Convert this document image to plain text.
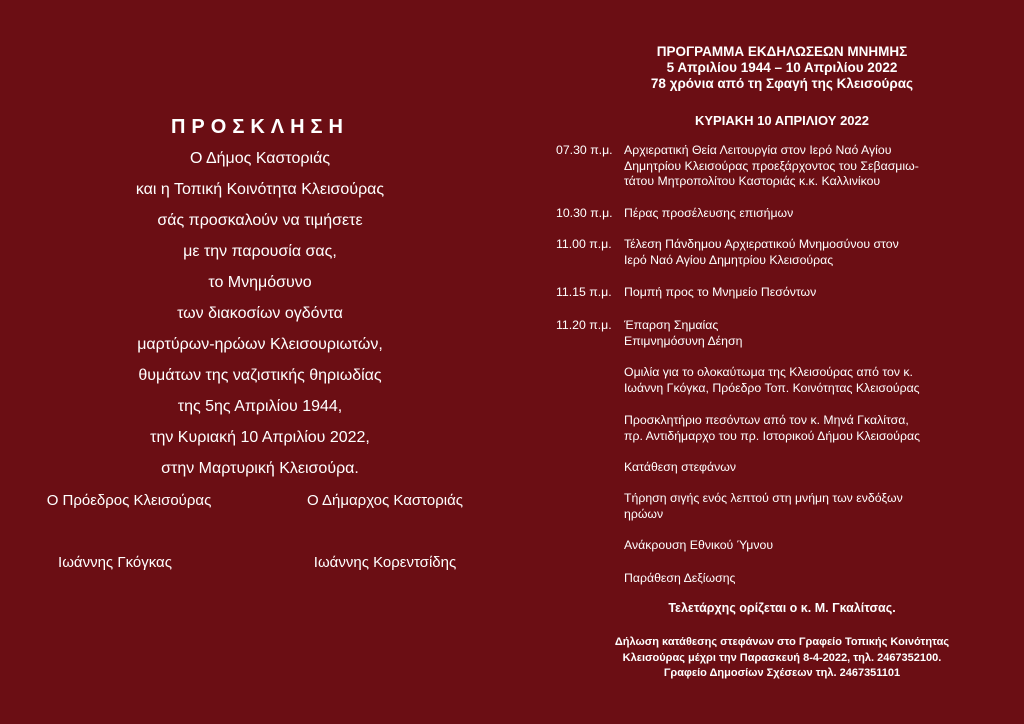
ΠΡΟΣΚΛΗΣΗ
Ο Δήμος Καστοριάς
και η Τοπική Κοινότητα Κλεισούρας
σάς προσκαλούν να τιμήσετε
με την παρουσία σας,
το Μνημόσυνο
των διακοσίων ογδόντα
μαρτύρων-ηρώων Κλεισουριωτών,
θυμάτων της ναζιστικής θηριωδίας
της 5ης Απριλίου 1944,
την Κυριακή 10 Απριλίου 2022,
στην Μαρτυρική Κλεισούρα.
Ο Πρόεδρος Κλεισούρας
Ιωάννης Γκόγκας
Ο Δήμαρχος Καστοριάς
Ιωάννης Κορεντσίδης
ΠΡΟΓΡΑΜΜΑ ΕΚΔΗΛΩΣΕΩΝ ΜΝΗΜΗΣ
5 Απριλίου 1944 – 10 Απριλίου 2022
78 χρόνια από τη Σφαγή της Κλεισούρας
ΚΥΡΙΑΚΗ 10 ΑΠΡΙΛΙΟΥ 2022
07.30 π.μ. Αρχιερατική Θεία Λειτουργία στον Ιερό Ναό Αγίου
Δημητρίου Κλεισούρας προεξάρχοντος του Σεβασμιω-
τάτου Μητροπολίτου Καστοριάς κ.κ. Καλλινίκου
10.30 π.μ. Πέρας προσέλευσης επισήμων
11.00 π.μ.	Τέλεση Πάνδημου Αρχιερατικού Μνημοσύνου στον
Ιερό Ναό Αγίου Δημητρίου Κλεισούρας
11.15 π.μ.	Πομπή προς το Μνημείο Πεσόντων
11.20 π.μ.	Έπαρση Σημαίας
Επιμνημόσυνη Δέηση
Ομιλία για το ολοκαύτωμα της Κλεισούρας από τον κ.
Ιωάννη Γκόγκα, Πρόεδρο Τοπ. Κοινότητας Κλεισούρας
Προσκλητήριο πεσόντων από τον κ. Μηνά Γκαλίτσα,
πρ. Αντιδήμαρχο του πρ. Ιστορικού Δήμου Κλεισούρας
Κατάθεση στεφάνων
Τήρηση σιγής ενός λεπτού στη μνήμη των ενδόξων
ηρώων
Ανάκρουση Εθνικού Ύμνου
Παράθεση Δεξίωσης
Τελετάρχης ορίζεται ο κ. Μ. Γκαλίτσας.
Δήλωση κατάθεσης στεφάνων στο Γραφείο Τοπικής Κοινότητας
Κλεισούρας μέχρι την Παρασκευή 8-4-2022, τηλ. 2467352100.
Γραφείο Δημοσίων Σχέσεων τηλ. 2467351101
